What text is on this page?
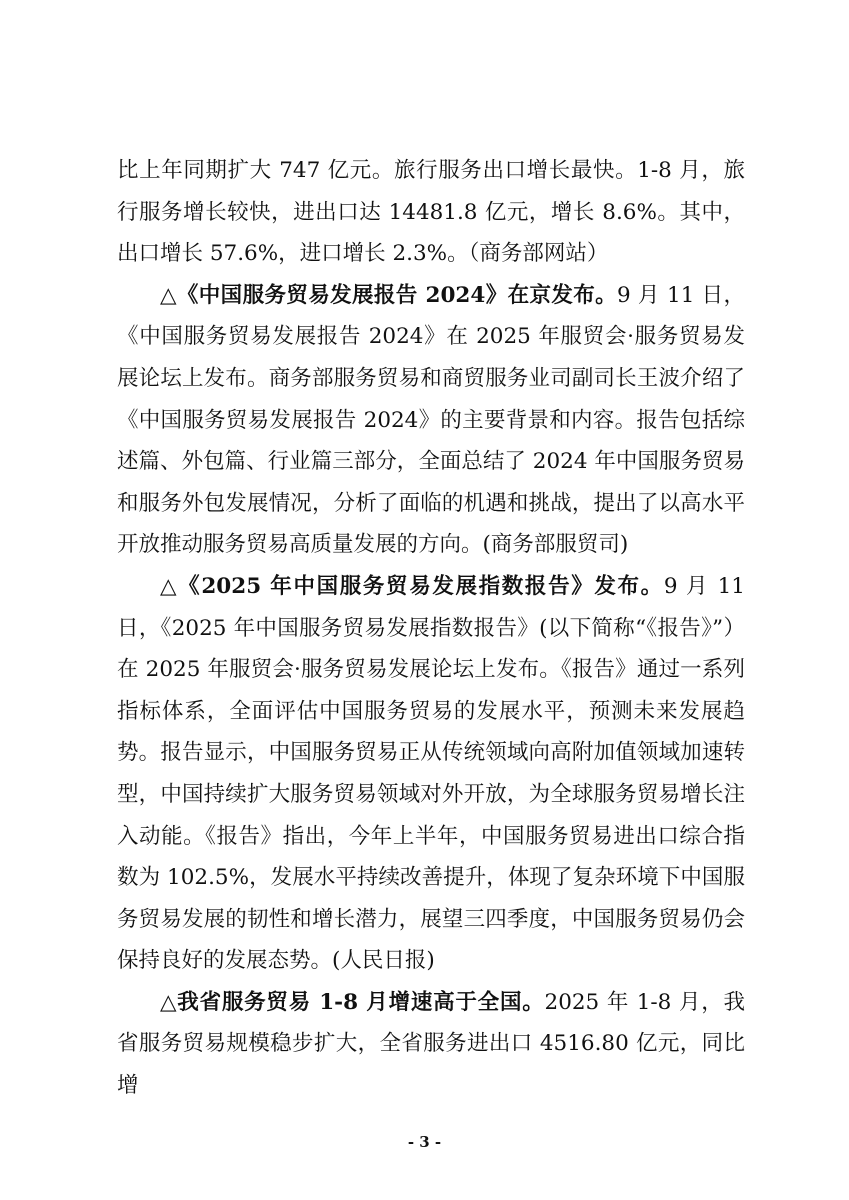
比上年同期扩大 747 亿元。旅行服务出口增长最快。1-8 月，旅行服务增长较快，进出口达 14481.8 亿元，增长 8.6%。其中，出口增长 57.6%，进口增长 2.3%。（商务部网站）

△《中国服务贸易发展报告 2024》在京发布。9 月 11 日，《中国服务贸易发展报告 2024》在 2025 年服贸会·服务贸易发展论坛上发布。商务部服务贸易和商贸服务业司副司长王波介绍了《中国服务贸易发展报告 2024》的主要背景和内容。报告包括综述篇、外包篇、行业篇三部分，全面总结了 2024 年中国服务贸易和服务外包发展情况，分析了面临的机遇和挑战，提出了以高水平开放推动服务贸易高质量发展的方向。(商务部服贸司)

△《2025 年中国服务贸易发展指数报告》发布。9 月 11 日，《2025 年中国服务贸易发展指数报告》(以下简称“《报告》”）在 2025 年服贸会·服务贸易发展论坛上发布。《报告》通过一系列指标体系，全面评估中国服务贸易的发展水平，预测未来发展趋势。报告显示，中国服务贸易正从传统领域向高附加值领域加速转型，中国持续扩大服务贸易领域对外开放，为全球服务贸易增长注入动能。《报告》指出，今年上半年，中国服务贸易进出口综合指数为 102.5%，发展水平持续改善提升，体现了复杂环境下中国服务贸易发展的韧性和增长潜力，展望三四季度，中国服务贸易仍会保持良好的发展态势。(人民日报)

△我省服务贸易 1-8 月增速高于全国。2025 年 1-8 月，我省服务贸易规模稳步扩大，全省服务进出口 4516.80 亿元，同比增

- 3 -
